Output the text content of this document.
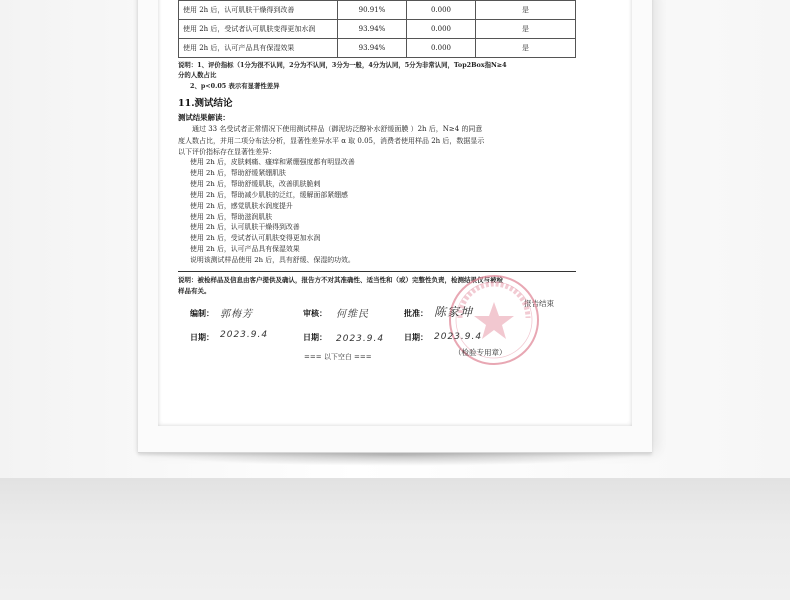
使用 2h 后，认可肌肤干燥得到改善	90.91%	0.000	是
使用 2h 后，受试者认可肌肤变得更加水润	93.94%	0.000	是
使用 2h 后，认可产品具有保湿效果	93.94%	0.000	是
说明：1、评价指标（1分为很不认同，2分为不认同，3分为一般，4分为认同，5分为非常认同，Top2Box指N≥4
分的人数占比
2、p<0.05 表示有显著性差异
11.测试结论
测试结果解读：
通过 33 名受试者正常情况下使用测试样品（御泥坊泛醇补水舒缓面膜 ）2h 后，N≥4 的同意
度人数占比，并用二项分布法分析，显著性差异水平 α 取 0.05，消费者使用样品 2h 后，数据显示
以下评价指标存在显著性差异：
使用 2h 后，皮肤刺痛、瘙痒和紧绷强度都有明显改善
使用 2h 后，帮助舒缓紧绷肌肤
使用 2h 后，帮助舒缓肌肤，改善肌肤脆刺
使用 2h 后，帮助减少肌肤的泛红，缓解面部紧绷感
使用 2h 后，感觉肌肤水润度提升
使用 2h 后，帮助滋润肌肤
使用 2h 后，认可肌肤干燥得到改善
使用 2h 后，受试者认可肌肤变得更加水润
使用 2h 后，认可产品具有保湿效果
说明该测试样品使用 2h 后，具有舒缓、保湿的功效。
说明：被检样品及信息由客户提供及确认，报告方不对其准确性、适当性和（或）完整性负责，检测结果仅与被检
样品有关。
报告结束
编制： 郭梅芳	审核： 何维民	批准： 陈家坤
日期： 2023.9.4	日期： 2023.9.4 日期： 2023.9.4
（检验专用章）
=== 以下空白 ===
